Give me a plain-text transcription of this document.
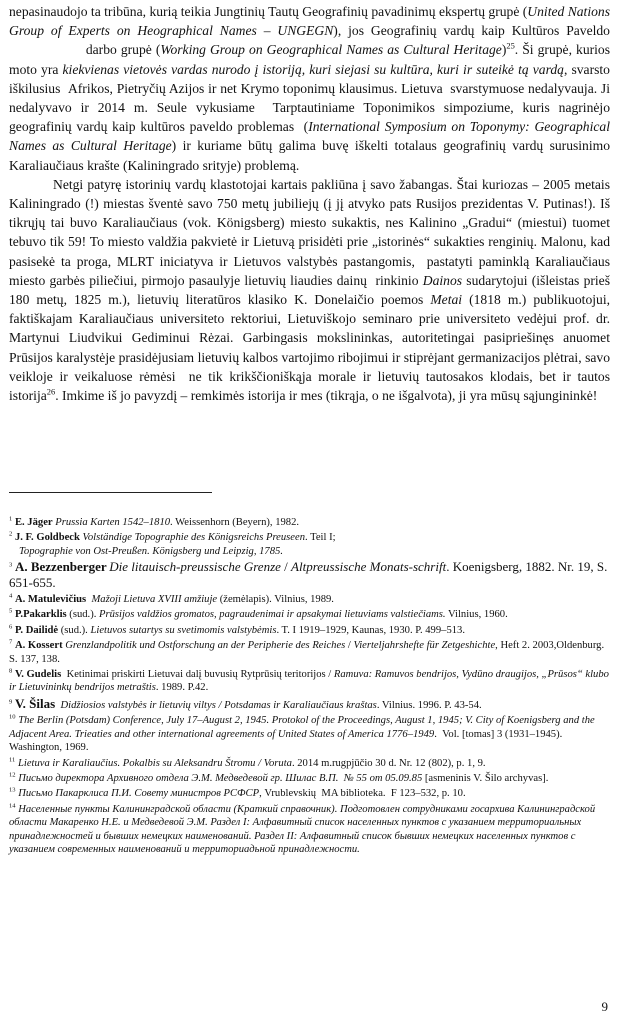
nepasinaudojo ta tribūna, kurią teikia Jungtinių Tautų Geografinių pavadinimų ekspertų grupė (United Nations Group of Experts on Heographical Names – UNGEGN), jos Geografinių vardų kaip Kultūros Paveldo                    darbo grupė (Working Group on Geographical Names as Cultural Heritage)$^{25}$. Ši grupė, kurios moto yra kiekvienas vietovės vardas nurodo į istoriją, kuri siejasi su kultūra, kuri ir suteikė tą vardą, svarsto iškilusius  Afrikos, Pietryčių Azijos ir net Krymo toponimų klausimus. Lietuva  svarstymuose nedalyvauja. Ji nedalyvavo ir 2014 m. Seule vykusiame  Tarptautiniame Toponimikos simpoziume, kuris nagrinėjo geografinių vardų kaip kultūros paveldo problemas  (International Symposium on Toponymy: Geographical Names as Cultural Heritage) ir kuriame būtų galima buvę iškelti totalaus geografinių vardų surusinimo Karaliaučiaus krašte (Kaliningrado srityje) problemą.

Netgi patyrę istorinių vardų klastotojai kartais pakliūna į savo žabangas. Štai kuriozas – 2005 metais Kaliningrado (!) miestas šventė savo 750 metų jubiliejų (į jį atvyko pats Rusijos prezidentas V. Putinas!). Iš tikrųjų tai buvo Karaliaučiaus (vok. Königsberg) miesto sukaktis, nes Kalinino „Gradui“ (miestui) tuomet tebuvo tik 59! To miesto valdžia pakvietė ir Lietuvą prisidėti prie „istorinės“ sukakties renginių. Malonu, kad pasisekė ta proga, MLRT iniciatyva ir Lietuvos valstybės pastangomis,  pastatyti paminklą Karaliaučiaus miesto garbės piliečiui, pirmojo pasaulyje lietuvių liaudies dainų  rinkinio Dainos sudarytojui (išleistas prieš 180 metų, 1825 m.), lietuvių literatūros klasiko K. Donelaičio poemos Metai (1818 m.) publikuotojui, faktiškajam Karaliaučiaus universiteto rektoriui, Lietuviškojo seminaro prie universiteto vedėjui prof. dr. Martynui Liudvikui Gediminui Rėzai. Garbingasis mokslininkas, autoritetingai pasipriešinęs anuomet Prūsijos karalystėje prasidėjusiam lietuvių kalbos vartojimo ribojimui ir stiprėjant germanizacijos plėtrai, savo veikloje ir veikaluose rėmėsi  ne tik krikščioniškąja morale ir lietuvių tautosakos klodais, bet ir tautos istorija$^{26}$. Imkime iš jo pavyzdį – remkimės istorija ir mes (tikrąja, o ne išgalvota), ji yra mūsų sąjungininkė!

$^1$ E. Jäger Prussia Karten 1542–1810. Weissenhorn (Beyern), 1982.
$^2$ J. F. Goldbeck Volständige Topographie des Königsreichs Preuseen. Teil I;
Topographie von Ost-Preußen. Königsberg und Leipzig, 1785.
$^3$ A. Bezzenberger Die litauisch-preussische Grenze / Altpreussische Monats-schrift. Koenigsberg, 1882. Nr. 19, S. 651-655.
$^4$ A. Matulevičius Mažoji Lietuva XVIII amžiuje (žemėlapis). Vilnius, 1989.
$^5$ P.Pakarklis (sud.). Prūsijos valdžios gromatos, pagraudenimai ir apsakymai lietuviams valstiečiams. Vilnius, 1960.
$^6$ P. Dailidė (sud.). Lietuvos sutartys su svetimomis valstybėmis. T. I 1919–1929, Kaunas, 1930. P. 499–513.
$^7$ A. Kossert Grenzlandpolitik und Ostforschung an der Peripherie des Reiches / Vierteljahrshefte für Zetgeshichte, Heft 2. 2003,Oldenburg. S. 137, 138.
$^8$ V. Gudelis  Ketinimai priskirti Lietuvai dalį buvusių Rytprūsių teritorijos / Ramuva: Ramuvos bendrijos, Vydūno draugijos, „Prūsos“ klubo ir Lietuvininkų bendrijos metraštis. 1989. P.42.
$^9$ V. Šilas Didžiosios valstybės ir lietuvių viltys / Potsdamas ir Karaliaučiaus kraštas. Vilnius. 1996. P. 43-54.
$^{10}$ The Berlin (Potsdam) Conference, July 17–August 2, 1945. Protokol of the Proceedings, August 1, 1945; V. City of Koenigsberg and the Adjacent Area. Trieaties and other international agreements of United States of America 1776–1949.  Vol. [tomas] 3 (1931–1945). Washington, 1969.
$^{11}$ Lietuva ir Karaliaučius. Pokalbis su Aleksandru Štromu / Voruta. 2014 m.rugpjūčio 30 d. Nr. 12 (802), p. 1, 9.
$^{12}$ Письмо директора Архивного отдела Э.М. Медведевой гр. Шилас В.П.  № 55 от 05.09.85 [asmeninis V. Šilo archyvas].
$^{13}$ Письмо Пакарклиса П.И. Совету министров РСФСР, Vrublevskių  MA biblioteka.  F 123–532, p. 10.
$^{14}$ Населенные пункты Калининградской области (Краткий справочник). Подготовлен сотрудниками госархива Калининградской области Макаренко Н.Е. и Медведевой Э.М. Раздел I: Алфавитный список населенных пунктов с указанием территориальных принадлежностей и бывших немецких наименований. Раздел II: Алфавитный список бывших немецких населенных пунктов с указанием современных наименований и территориадьной принадлежности.
9
